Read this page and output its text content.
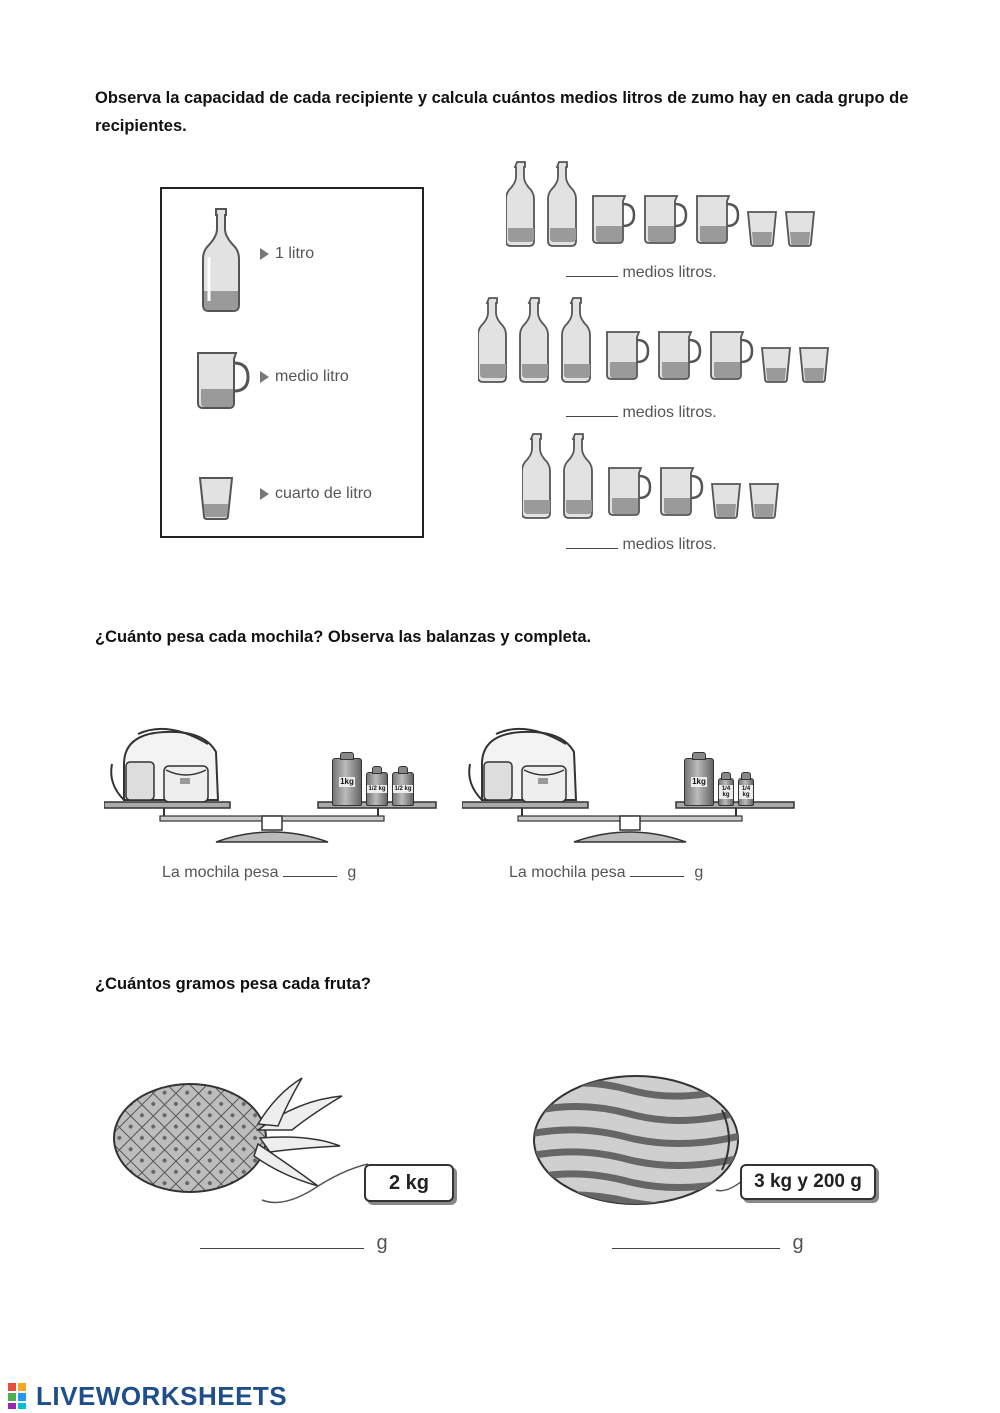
Observa la capacidad de cada recipiente y calcula cuántos medios litros de zumo hay en cada grupo de recipientes.
1 litro
medio litro
cuarto de litro
medios litros.
medios litros.
medios litros.
¿Cuánto pesa cada mochila? Observa las balanzas y completa.
1kg
1/2 kg 1/2 kg
La mochila pesa	g
1kg
1/4 kg
1/4 kg
La mochila pesa	g
¿Cuántos gramos pesa cada fruta?
2 kg
g
3 kg y 200 g
g
LIVEWORKSHEETS
